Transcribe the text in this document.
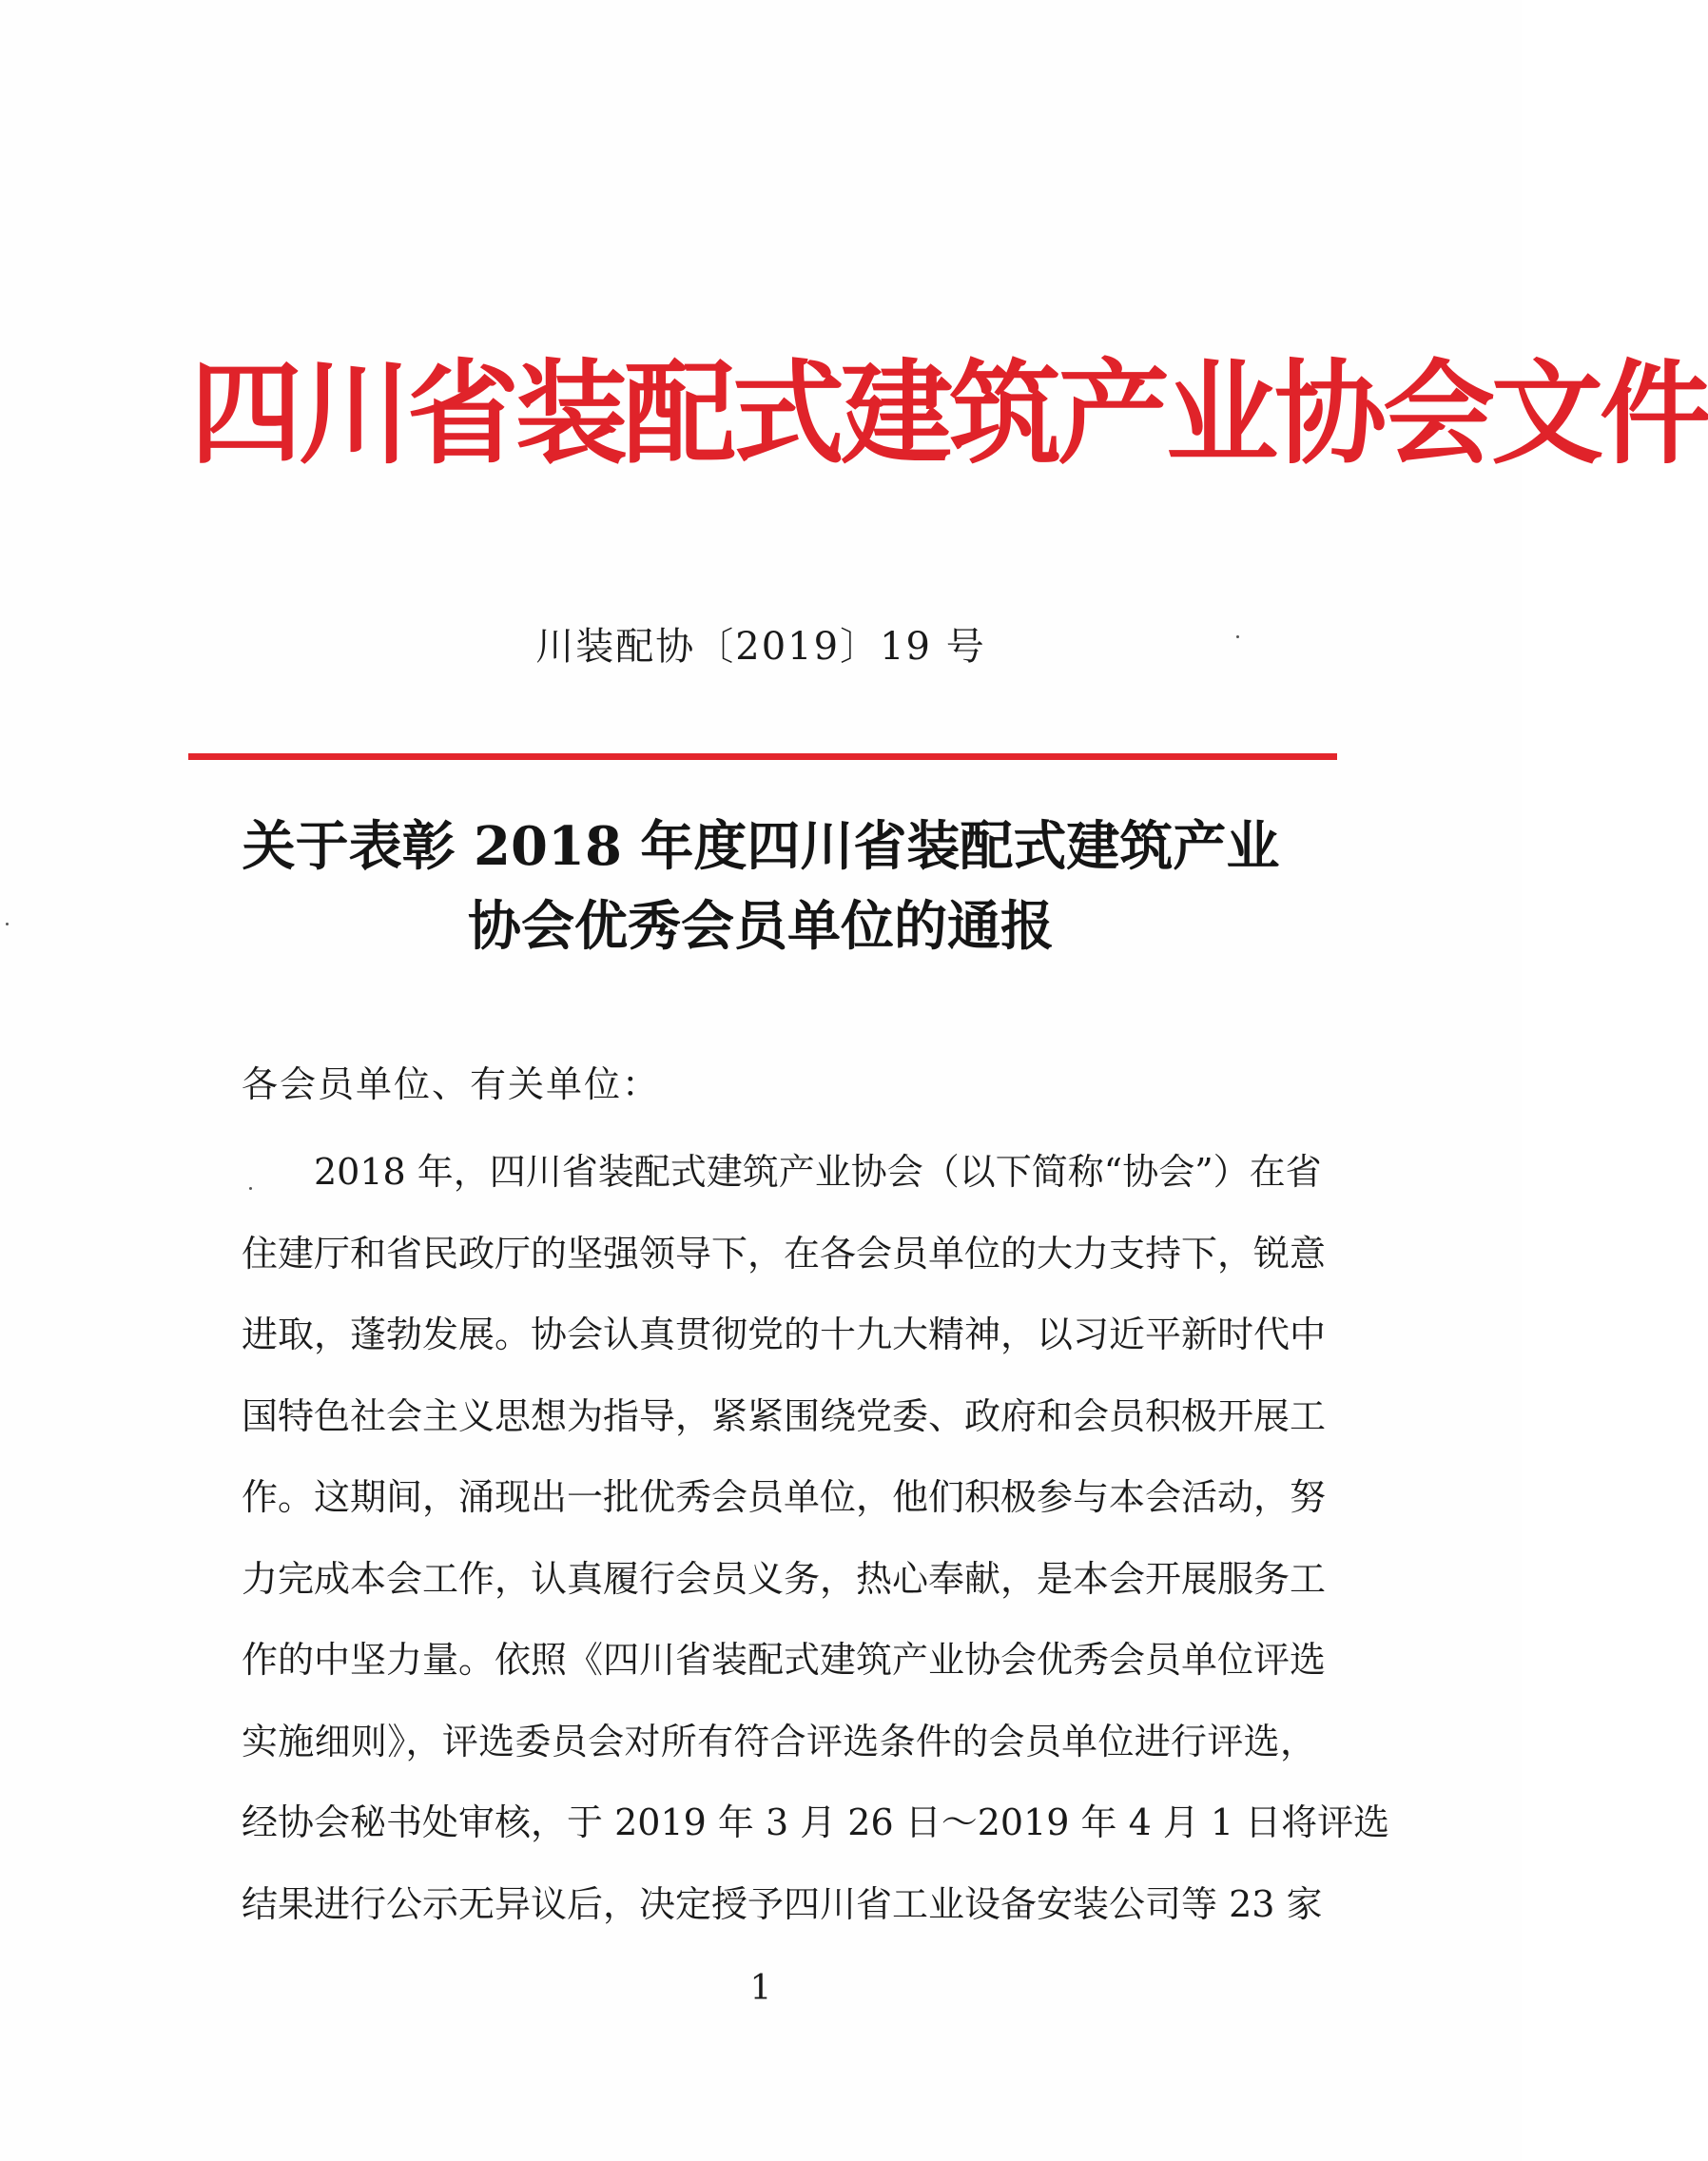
四川省装配式建筑产业协会文件
川装配协〔2019〕19 号
关于表彰 2018 年度四川省装配式建筑产业
协会优秀会员单位的通报
各会员单位、有关单位：
2018 年，四川省装配式建筑产业协会（以下简称“协会”）在省
住建厅和省民政厅的坚强领导下，在各会员单位的大力支持下，锐意
进取，蓬勃发展。协会认真贯彻党的十九大精神，以习近平新时代中
国特色社会主义思想为指导，紧紧围绕党委、政府和会员积极开展工
作。这期间，涌现出一批优秀会员单位，他们积极参与本会活动，努
力完成本会工作，认真履行会员义务，热心奉献，是本会开展服务工
作的中坚力量。依照《四川省装配式建筑产业协会优秀会员单位评选
实施细则》，评选委员会对所有符合评选条件的会员单位进行评选，
经协会秘书处审核，于 2019 年 3 月 26 日～2019 年 4 月 1 日将评选
结果进行公示无异议后，决定授予四川省工业设备安装公司等 23 家
1
